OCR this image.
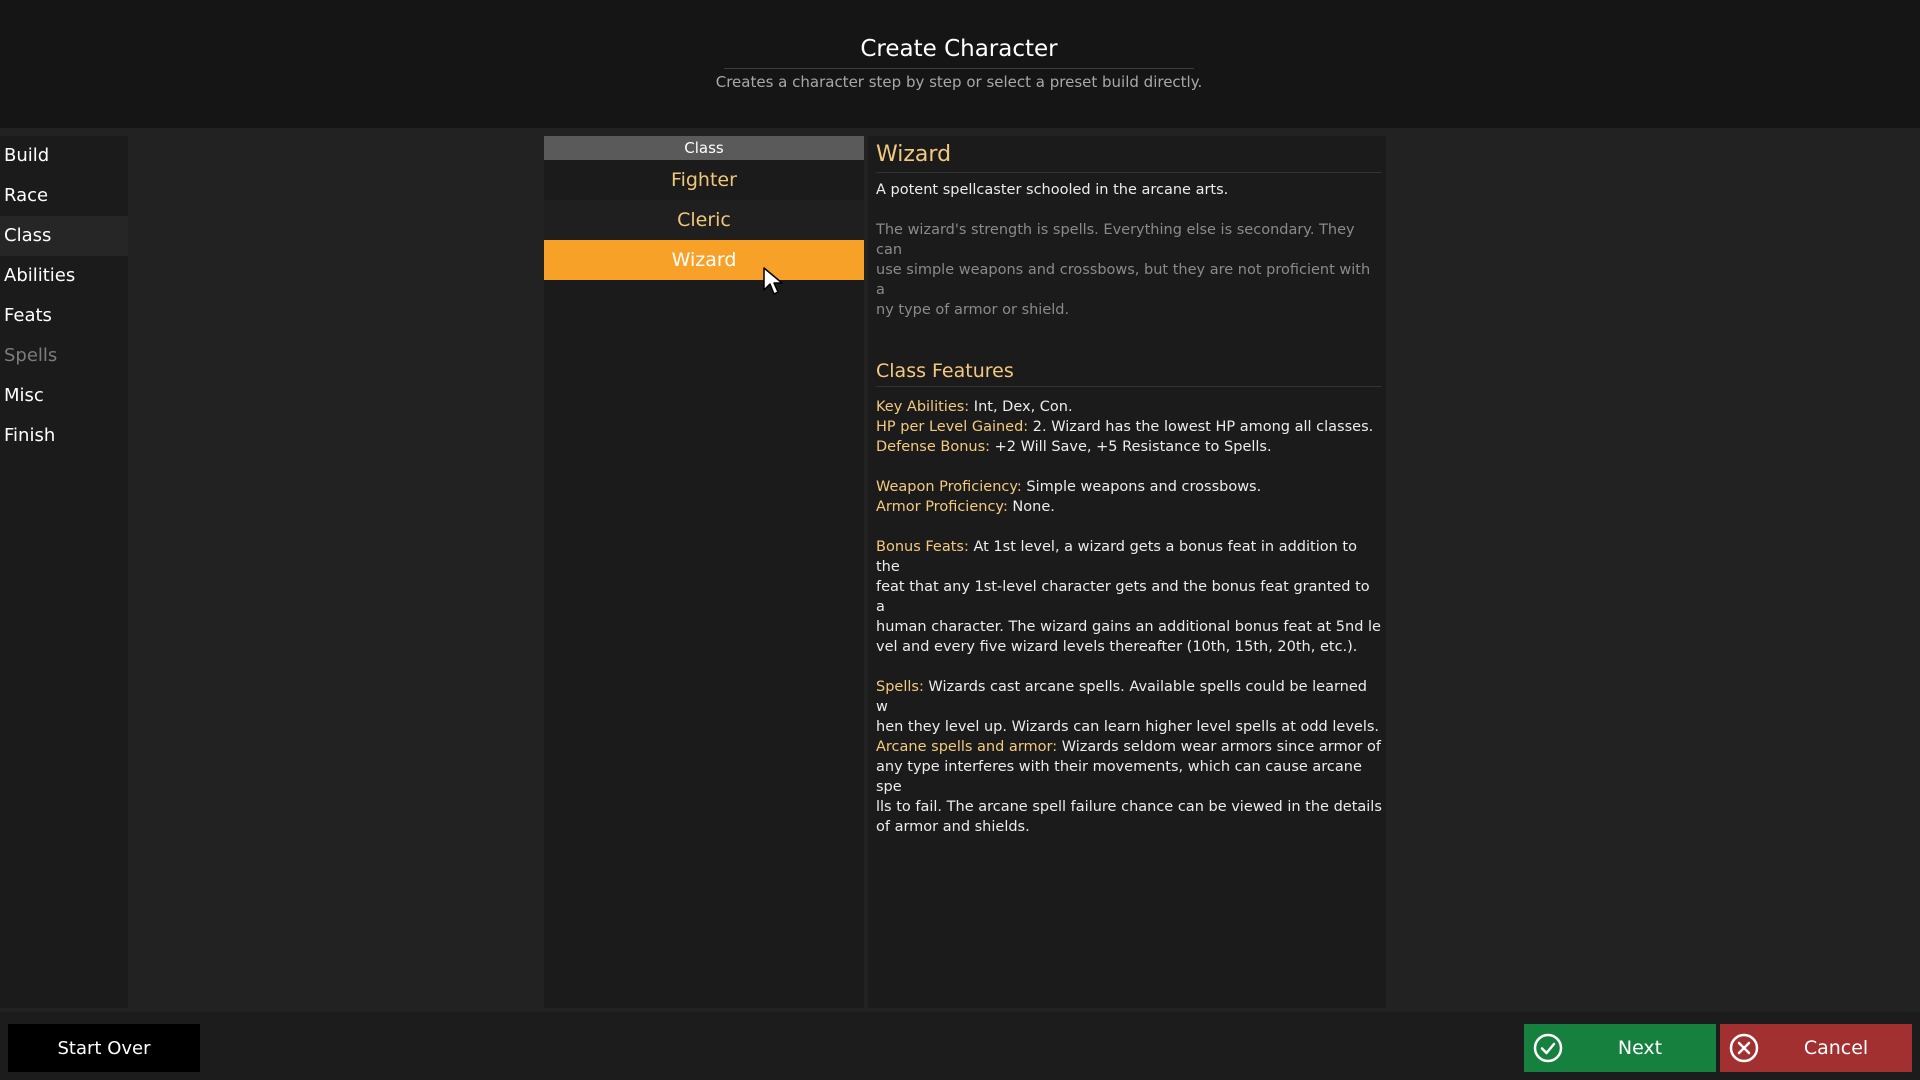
Create Character
Creates a character step by step or select a preset build directly.
Build
Race
Class
Abilities
Feats
Spells
Misc
Finish
Class
Fighter
Cleric
Wizard
Wizard
A potent spellcaster schooled in the arcane arts.
The wizard's strength is spells. Everything else is secondary. They can
use simple weapons and crossbows, but they are not proficient with a
ny type of armor or shield.
Class Features
Key Abilities: Int, Dex, Con.
HP per Level Gained: 2. Wizard has the lowest HP among all classes.
Defense Bonus: +2 Will Save, +5 Resistance to Spells.
Weapon Proficiency: Simple weapons and crossbows.
Armor Proficiency: None.
Bonus Feats: At 1st level, a wizard gets a bonus feat in addition to the
feat that any 1st-level character gets and the bonus feat granted to a
human character. The wizard gains an additional bonus feat at 5nd le
vel and every five wizard levels thereafter (10th, 15th, 20th, etc.).
Spells: Wizards cast arcane spells. Available spells could be learned w
hen they level up. Wizards can learn higher level spells at odd levels.
Arcane spells and armor: Wizards seldom wear armors since armor of
any type interferes with their movements, which can cause arcane spe
lls to fail. The arcane spell failure chance can be viewed in the details
of armor and shields.
Start Over	Next	Cancel
